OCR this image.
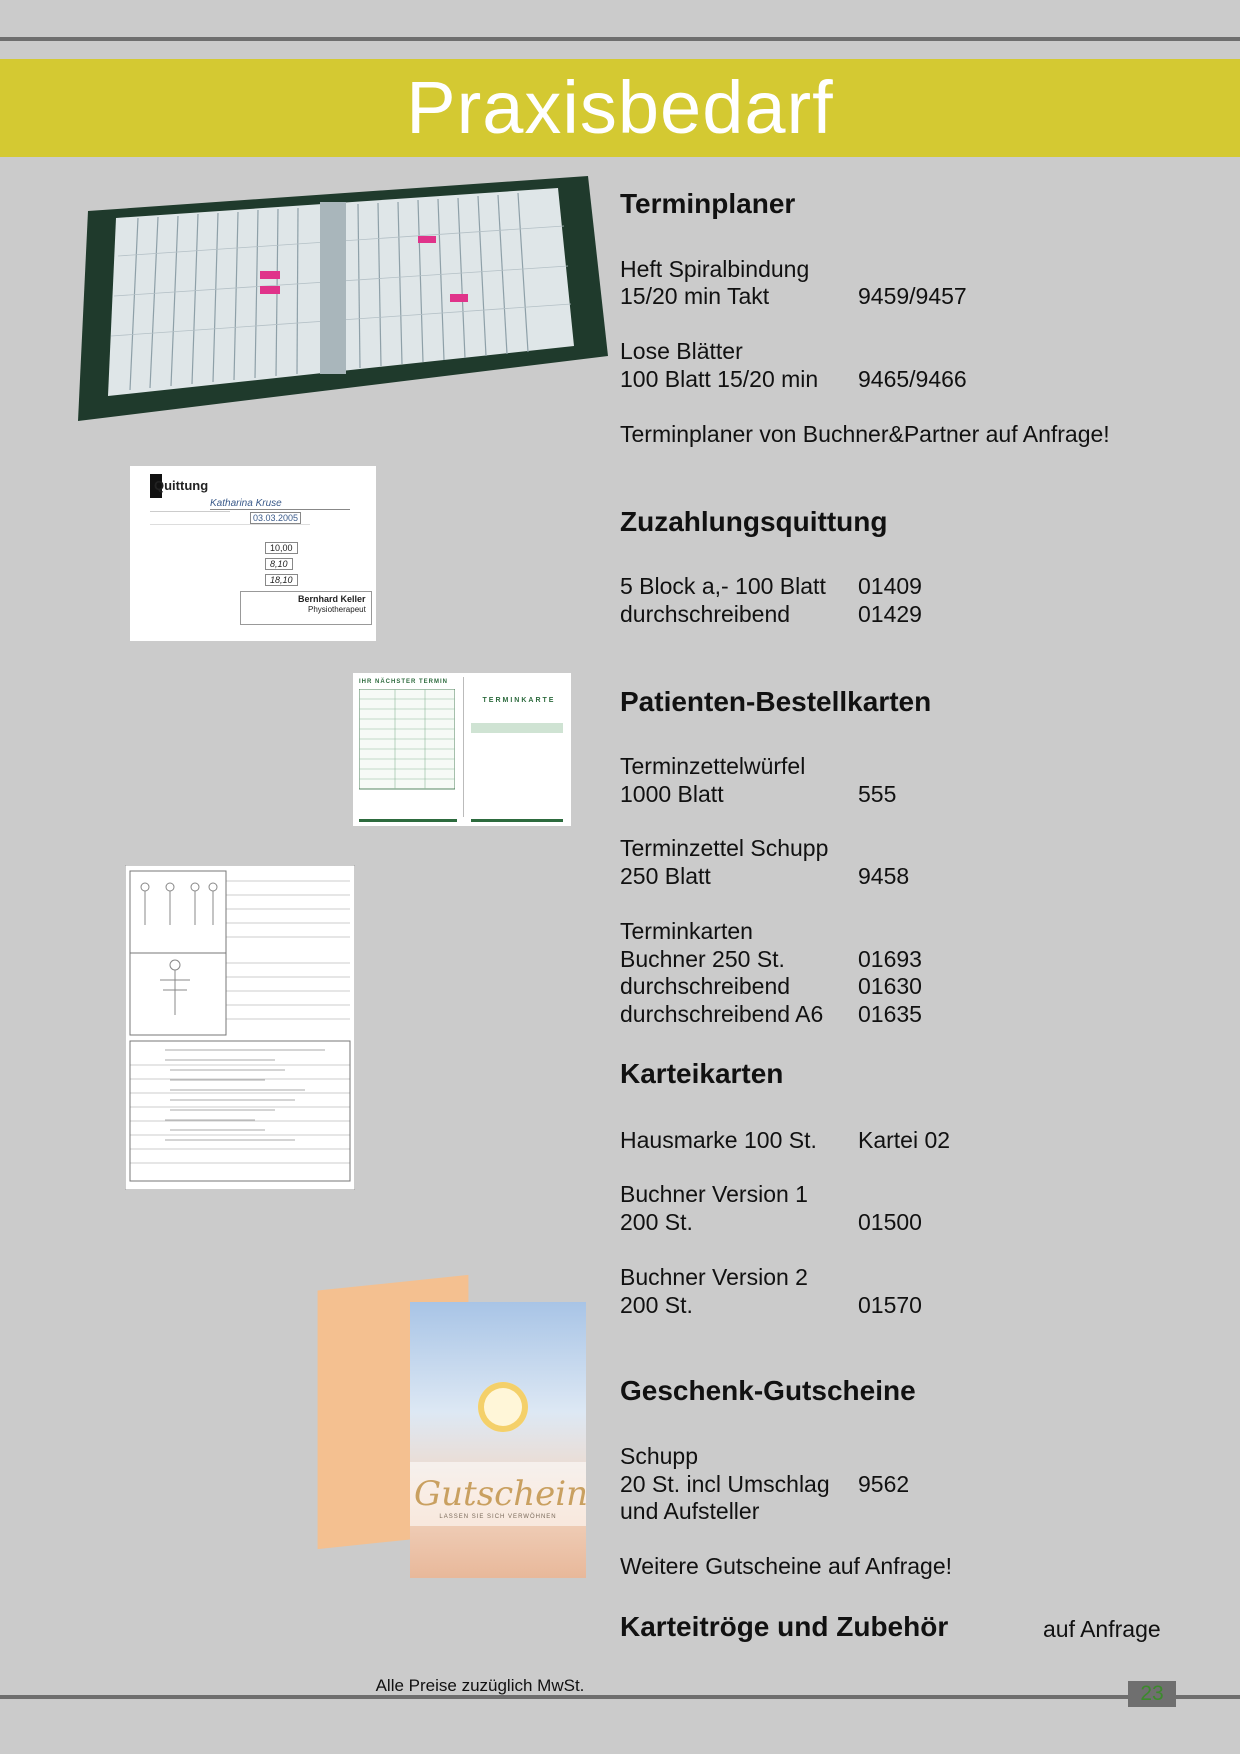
Praxisbedarf
Quittung
Katharina Kruse
03.03.2005
10,00
8,10
18,10
Bernhard Keller
Physiotherapeut
IHR NÄCHSTER TERMIN
TERMINKARTE
Gutschein
LASSEN SIE SICH VERWÖHNEN
Terminplaner
Heft Spiralbindung
15/20 min Takt	9459/9457
Lose Blätter
100 Blatt 15/20 min 9465/9466
Terminplaner von Buchner&Partner auf Anfrage!
Zuzahlungsquittung
5 Block a,- 100 Blatt 01409
durchschreibend	01429
Patienten-Bestellkarten
Terminzettelwürfel
1000 Blatt	555
Terminzettel Schupp
250 Blatt	9458
Terminkarten
Buchner 250 St.	01693
durchschreibend	01630
durchschreibend A6 01635
Karteikarten
Hausmarke 100 St. Kartei 02
Buchner Version 1
200 St.	01500
Buchner Version 2
200 St.	01570
Geschenk-Gutscheine
Schupp
20 St. incl Umschlag 9562
und Aufsteller
Weitere Gutscheine auf Anfrage!
Karteitröge und Zubehör	auf Anfrage
Alle Preise zuzüglich MwSt.	23
